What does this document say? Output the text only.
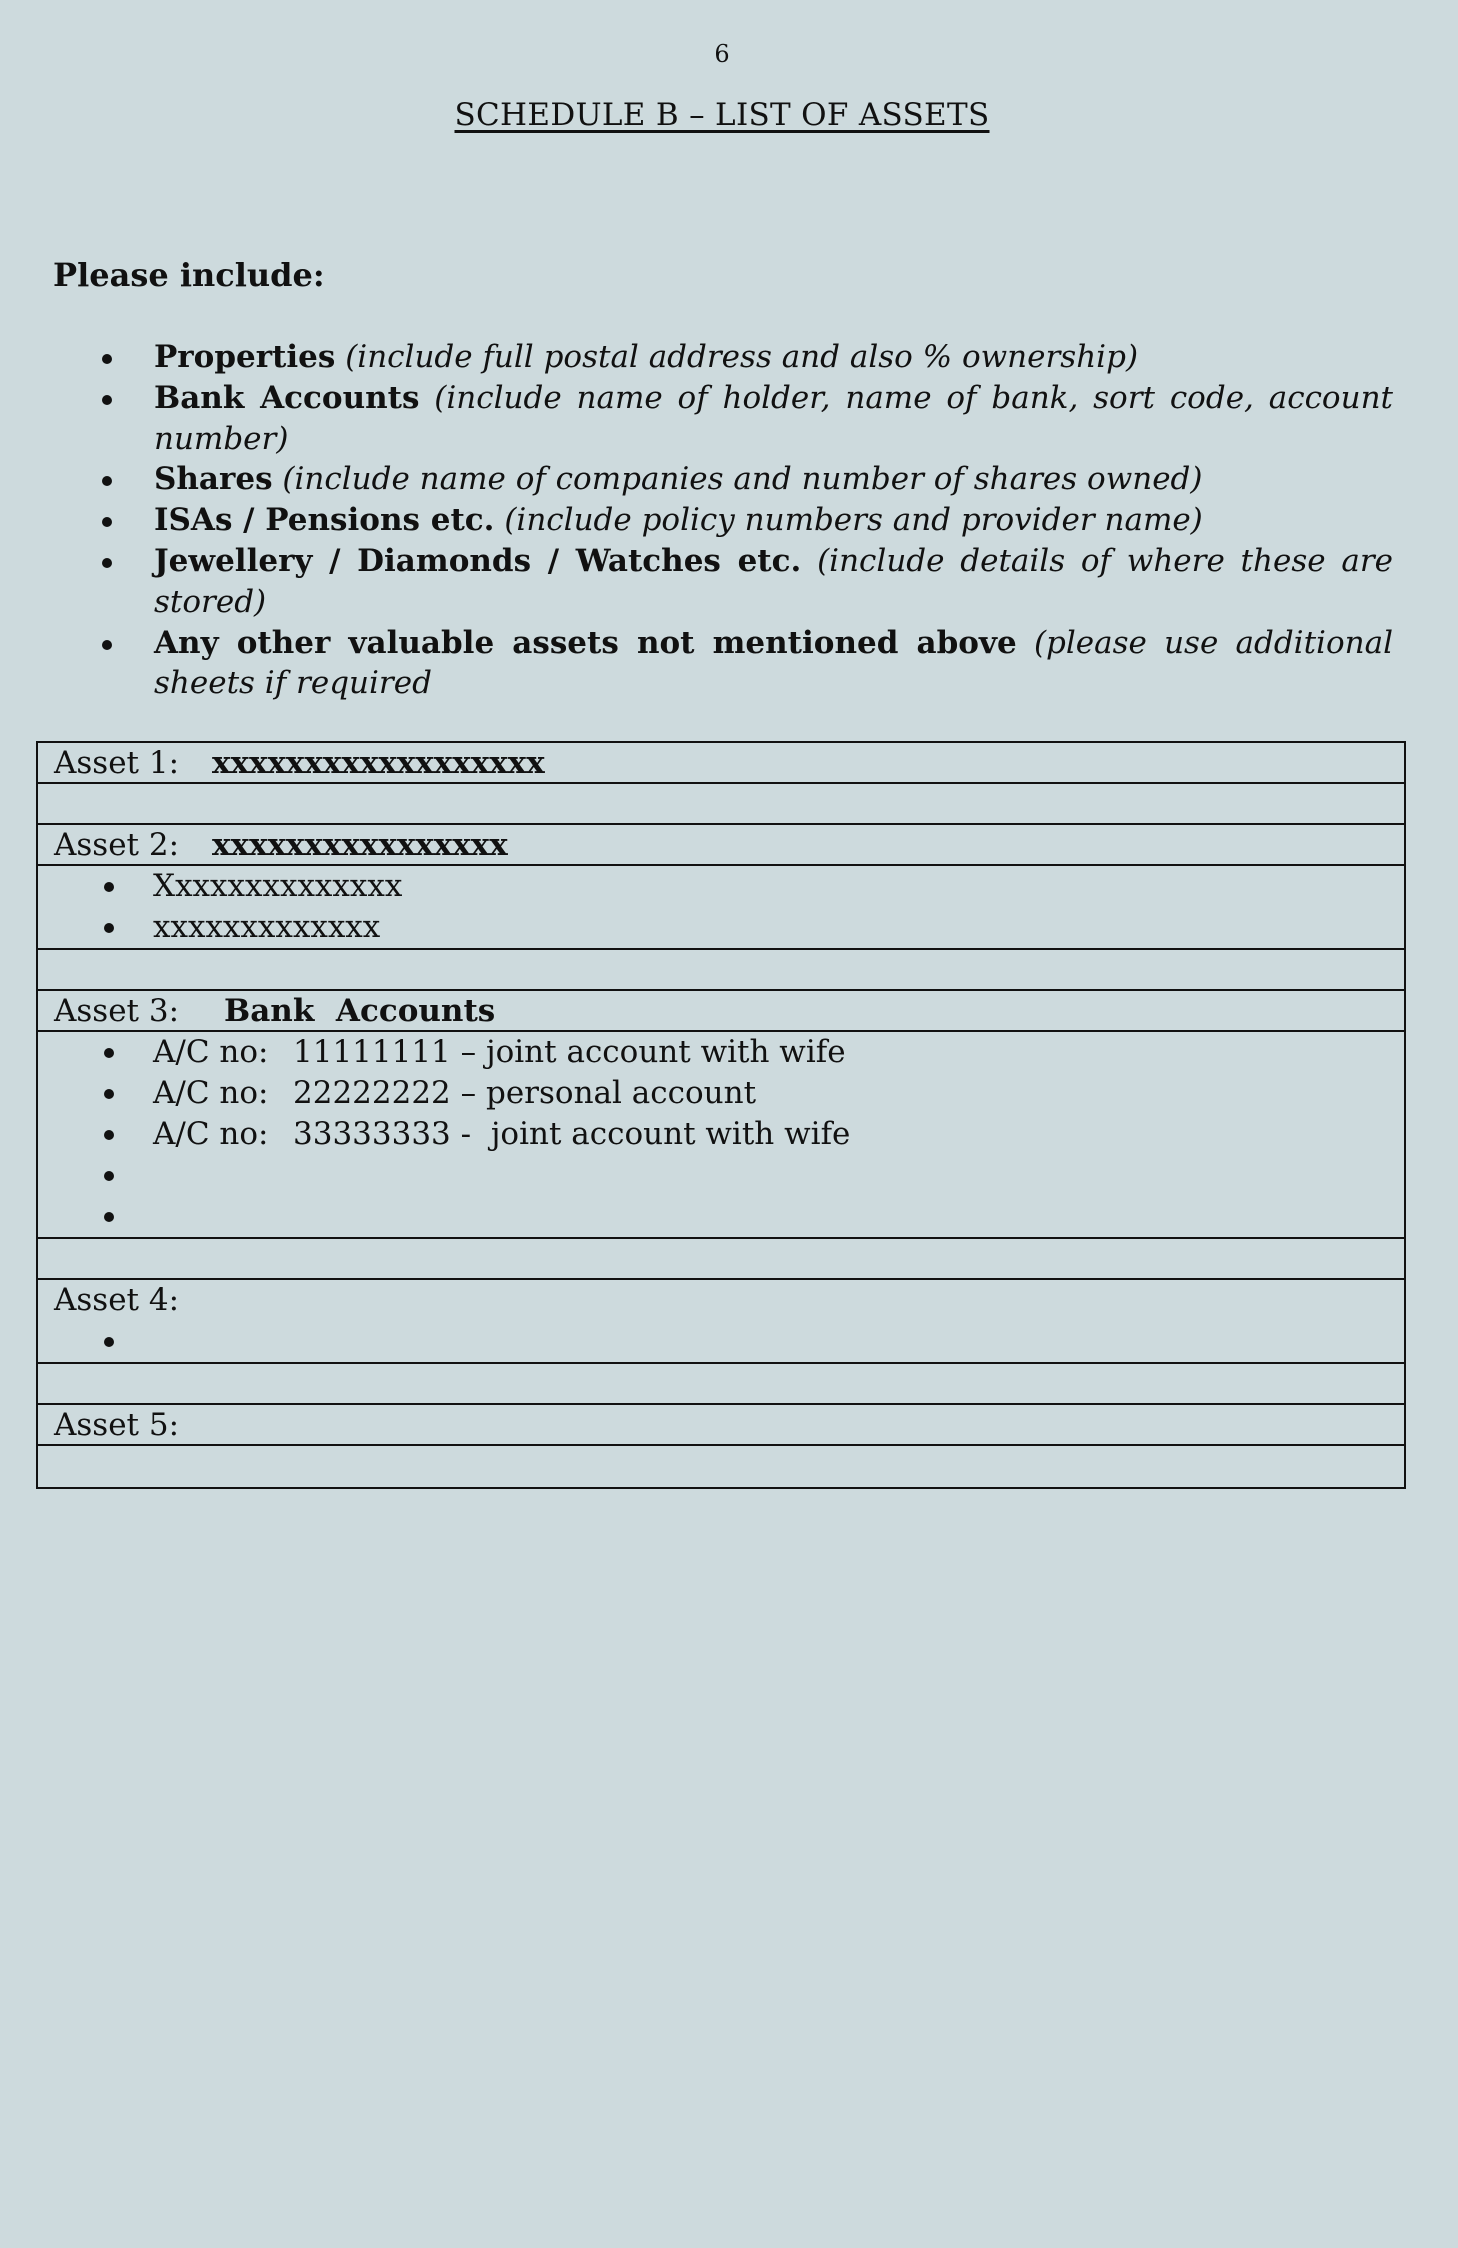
6
SCHEDULE B – LIST OF ASSETS
Please include:
Properties (include full postal address and also % ownership)
Bank Accounts (include name of holder, name of bank, sort code, account number)
Shares (include name of companies and number of shares owned)
ISAs / Pensions etc. (include policy numbers and provider name)
Jewellery / Diamonds / Watches etc. (include details of where these are stored)
Any other valuable assets not mentioned above (please use additional sheets if required
Asset 1: xxxxxxxxxxxxxxxxxx
Asset 2: xxxxxxxxxxxxxxxx
Xxxxxxxxxxxxxx
xxxxxxxxxxxxx
Asset 3: Bank  Accounts
A/C no: 11111111 – joint account with wife
A/C no: 22222222 – personal account
A/C no: 33333333 -  joint account with wife
Asset 4:
Asset 5:
